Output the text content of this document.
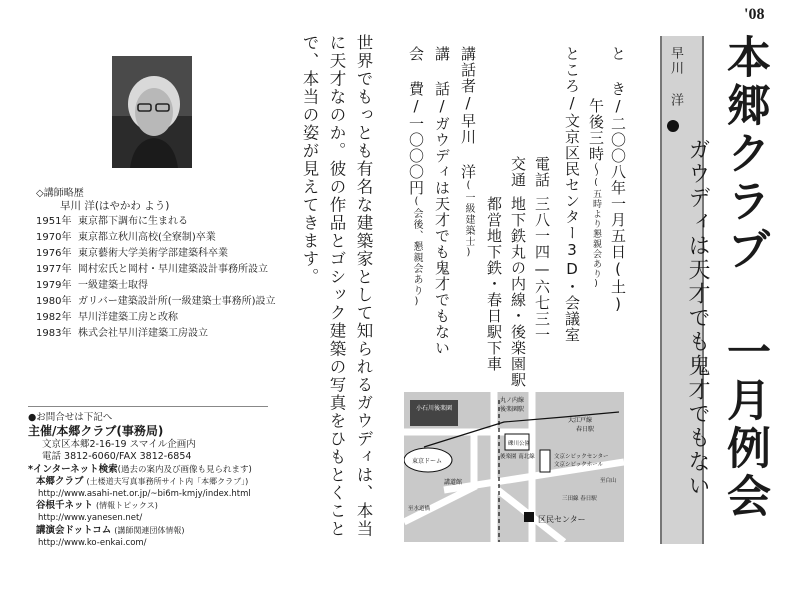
'08
本郷クラブ 一月例会
早川 洋
ガウディは天才でも鬼才でもない
と き/二〇〇八年一月五日(土)
午後三時〜(五時より懇親会あり)
ところ/文京区民センター3D・会議室
電話
三八一四—六七三一
交通
地下鉄丸の内線・後楽園駅
都営地下鉄・春日駅下車
講話者/早川 洋(一級建築士)
講 話/ガウディは天才でも鬼才でもない
会 費/一〇〇〇円(会後、懇親会あり)
世界でもっとも有名な建築家として知られるガウディは、本当に天才なのか。彼の作品とゴシック建築の写真をひもとくことで、本当の姿が見えてきます。
◇講師略歴
早川 洋(はやかわ よう)
1951年 東京都下調布に生まれる
1970年 東京都立秋川高校(全寮制)卒業
1976年 東京藝術大学美術学部建築科卒業
1977年 岡村宏氏と岡村・早川建築設計事務所設立
1979年 一級建築士取得
1980年 ガリバー建築設計所(一級建築士事務所)設立
1982年 早川洋建築工房と改称
1983年 株式会社早川洋建築工房設立
●お問合せは下記へ
主催/本郷クラブ(事務局)
文京区本郷2-16-19 スマイル企画内
電話 3812-6060/FAX 3812-6854
*インターネット検索(過去の案内及び画像も見られます)
本郷クラブ (土楼道夫写真事務所サイト内「本郷クラブ」)
http://www.asahi-net.or.jp/~bi6m-kmjy/index.html
谷根千ネット (情報トピックス)
http://www.yanesen.net/
講演会ドットコム (講師関連団体情報)
http://www.ko-enkai.com/
小石川後楽園
丸ノ内線
後楽園駅
礫川公園
大江戸線
春日駅
東京ドーム
後楽園 南北線	文京シビックセンター
文京シビックホール
講道館
三田線 春日駅
至白山
至水道橋
区民センター
